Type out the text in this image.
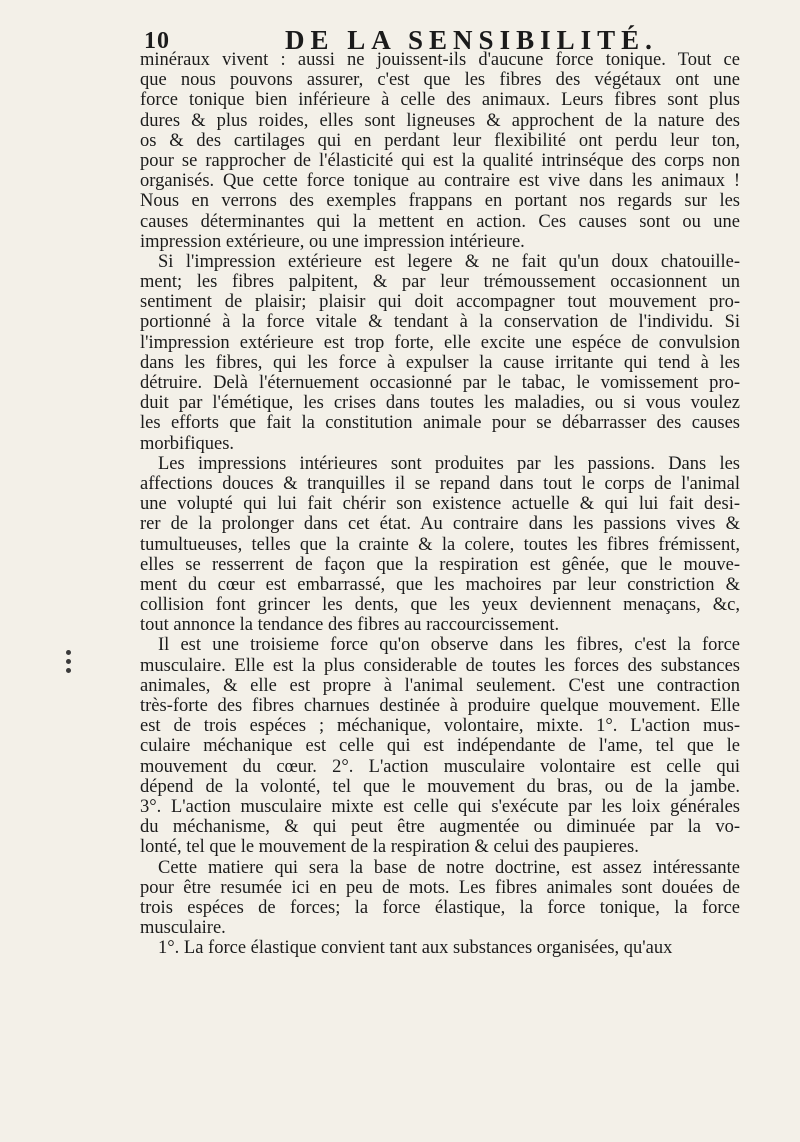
10	DE LA SENSIBILITÉ.
minéraux vivent : aussi ne jouissent-ils d'aucune force tonique. Tout ce
que nous pouvons assurer, c'est que les fibres des végétaux ont une
force tonique bien inférieure à celle des animaux. Leurs fibres sont plus
dures & plus roides, elles sont ligneuses & approchent de la nature des
os & des cartilages qui en perdant leur flexibilité ont perdu leur ton,
pour se rapprocher de l'élasticité qui est la qualité intrinséque des corps non
organisés. Que cette force tonique au contraire est vive dans les animaux !
Nous en verrons des exemples frappans en portant nos regards sur les
causes déterminantes qui la mettent en action. Ces causes sont ou une
impression extérieure, ou une impression intérieure.
Si l'impression extérieure est legere & ne fait qu'un doux chatouille-
ment; les fibres palpitent, & par leur trémoussement occasionnent un
sentiment de plaisir; plaisir qui doit accompagner tout mouvement pro-
portionné à la force vitale & tendant à la conservation de l'individu. Si
l'impression extérieure est trop forte, elle excite une espéce de convulsion
dans les fibres, qui les force à expulser la cause irritante qui tend à les
détruire. Delà l'éternuement occasionné par le tabac, le vomissement pro-
duit par l'émétique, les crises dans toutes les maladies, ou si vous voulez
les efforts que fait la constitution animale pour se débarrasser des causes
morbifiques.
Les impressions intérieures sont produites par les passions. Dans les
affections douces & tranquilles il se repand dans tout le corps de l'animal
une volupté qui lui fait chérir son existence actuelle & qui lui fait desi-
rer de la prolonger dans cet état. Au contraire dans les passions vives &
tumultueuses, telles que la crainte & la colere, toutes les fibres frémissent,
elles se resserrent de façon que la respiration est gênée, que le mouve-
ment du cœur est embarrassé, que les machoires par leur constriction &
collision font grincer les dents, que les yeux deviennent menaçans, &c,
tout annonce la tendance des fibres au raccourcissement.
Il est une troisieme force qu'on observe dans les fibres, c'est la force
musculaire. Elle est la plus considerable de toutes les forces des substances
animales, & elle est propre à l'animal seulement. C'est une contraction
très-forte des fibres charnues destinée à produire quelque mouvement. Elle
est de trois espéces ; méchanique, volontaire, mixte. 1°. L'action mus-
culaire méchanique est celle qui est indépendante de l'ame, tel que le
mouvement du cœur. 2°. L'action musculaire volontaire est celle qui
dépend de la volonté, tel que le mouvement du bras, ou de la jambe.
3°. L'action musculaire mixte est celle qui s'exécute par les loix générales
du méchanisme, & qui peut être augmentée ou diminuée par la vo-
lonté, tel que le mouvement de la respiration & celui des paupieres.
Cette matiere qui sera la base de notre doctrine, est assez intéressante
pour être resumée ici en peu de mots. Les fibres animales sont douées de
trois espéces de forces; la force élastique, la force tonique, la force
musculaire.
1°. La force élastique convient tant aux substances organisées, qu'aux
